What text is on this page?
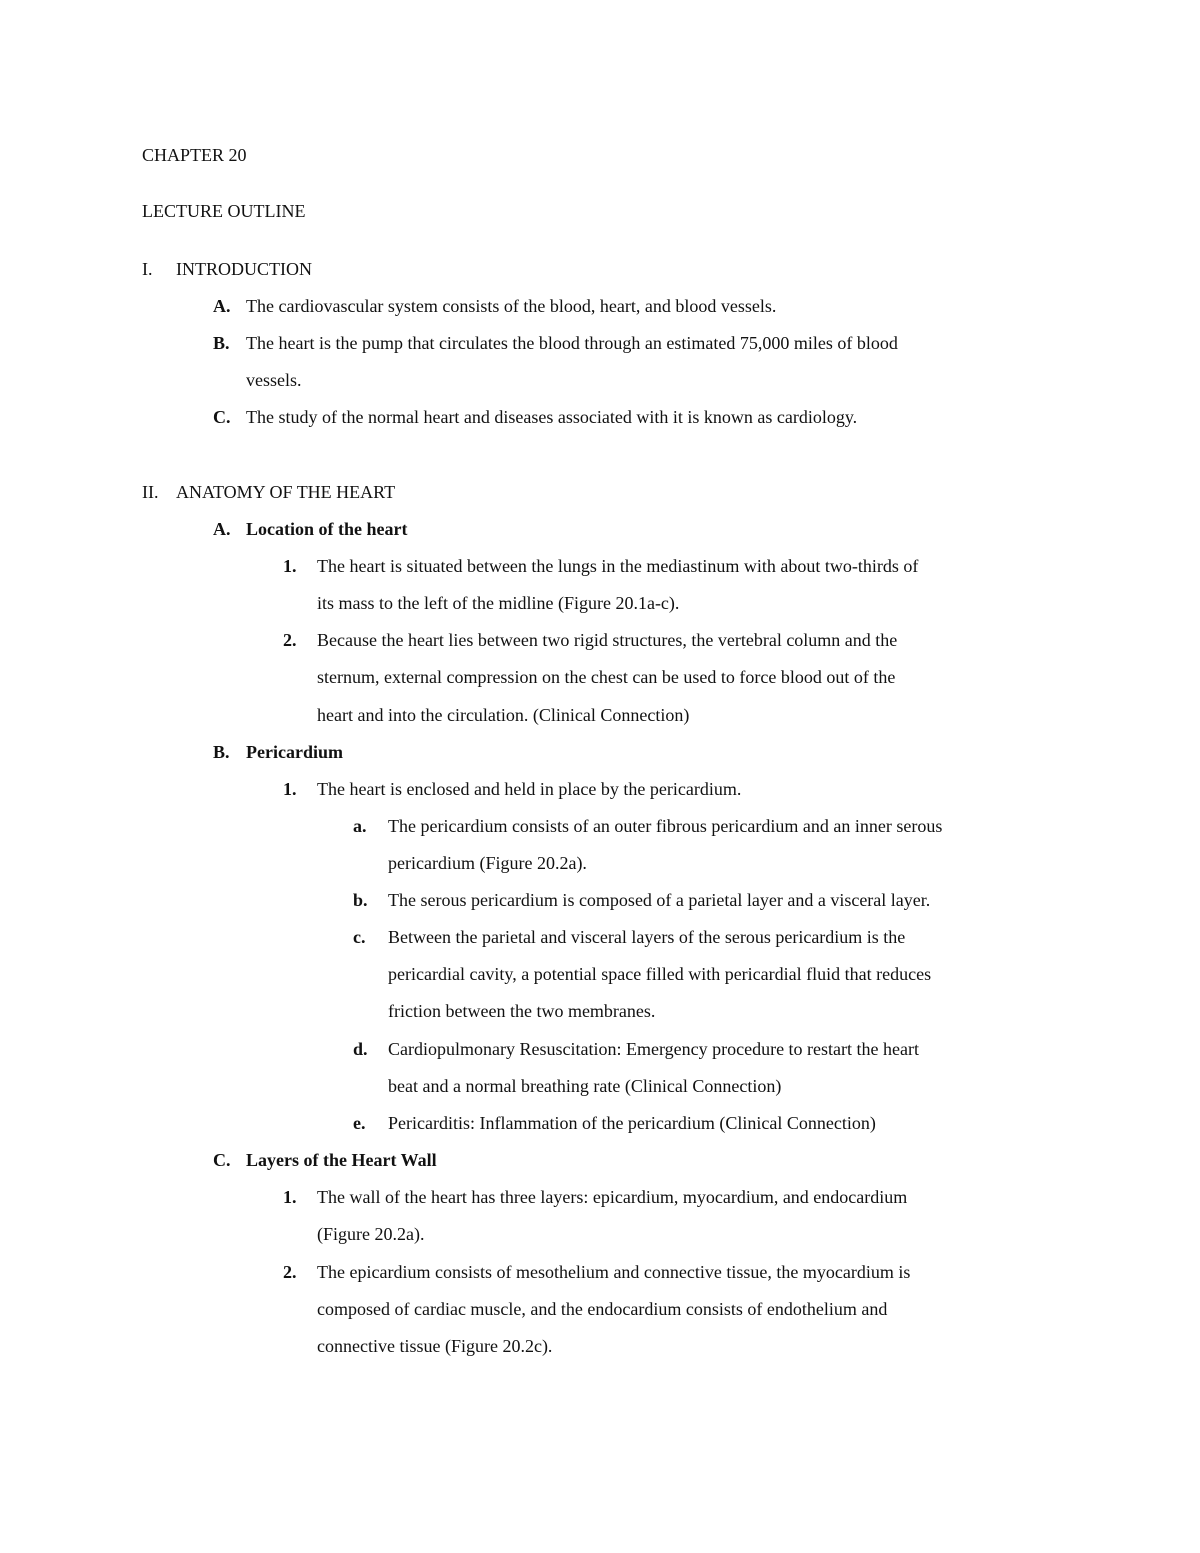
CHAPTER 20
LECTURE OUTLINE
I. INTRODUCTION
A. The cardiovascular system consists of the blood, heart, and blood vessels.
B. The heart is the pump that circulates the blood through an estimated 75,000 miles of blood
vessels.
C. The study of the normal heart and diseases associated with it is known as cardiology.
II. ANATOMY OF THE HEART
A. Location of the heart
1. The heart is situated between the lungs in the mediastinum with about two-thirds of
its mass to the left of the midline (Figure 20.1a-c).
2. Because the heart lies between two rigid structures, the vertebral column and the
sternum, external compression on the chest can be used to force blood out of the
heart and into the circulation. (Clinical Connection)
B. Pericardium
1. The heart is enclosed and held in place by the pericardium.
a. The pericardium consists of an outer fibrous pericardium and an inner serous
pericardium (Figure 20.2a).
b. The serous pericardium is composed of a parietal layer and a visceral layer.
c. Between the parietal and visceral layers of the serous pericardium is the
pericardial cavity, a potential space filled with pericardial fluid that reduces
friction between the two membranes.
d. Cardiopulmonary Resuscitation: Emergency procedure to restart the heart
beat and a normal breathing rate (Clinical Connection)
e. Pericarditis: Inflammation of the pericardium (Clinical Connection)
C. Layers of the Heart Wall
1. The wall of the heart has three layers: epicardium, myocardium, and endocardium
(Figure 20.2a).
2. The epicardium consists of mesothelium and connective tissue, the myocardium is
composed of cardiac muscle, and the endocardium consists of endothelium and
connective tissue (Figure 20.2c).
